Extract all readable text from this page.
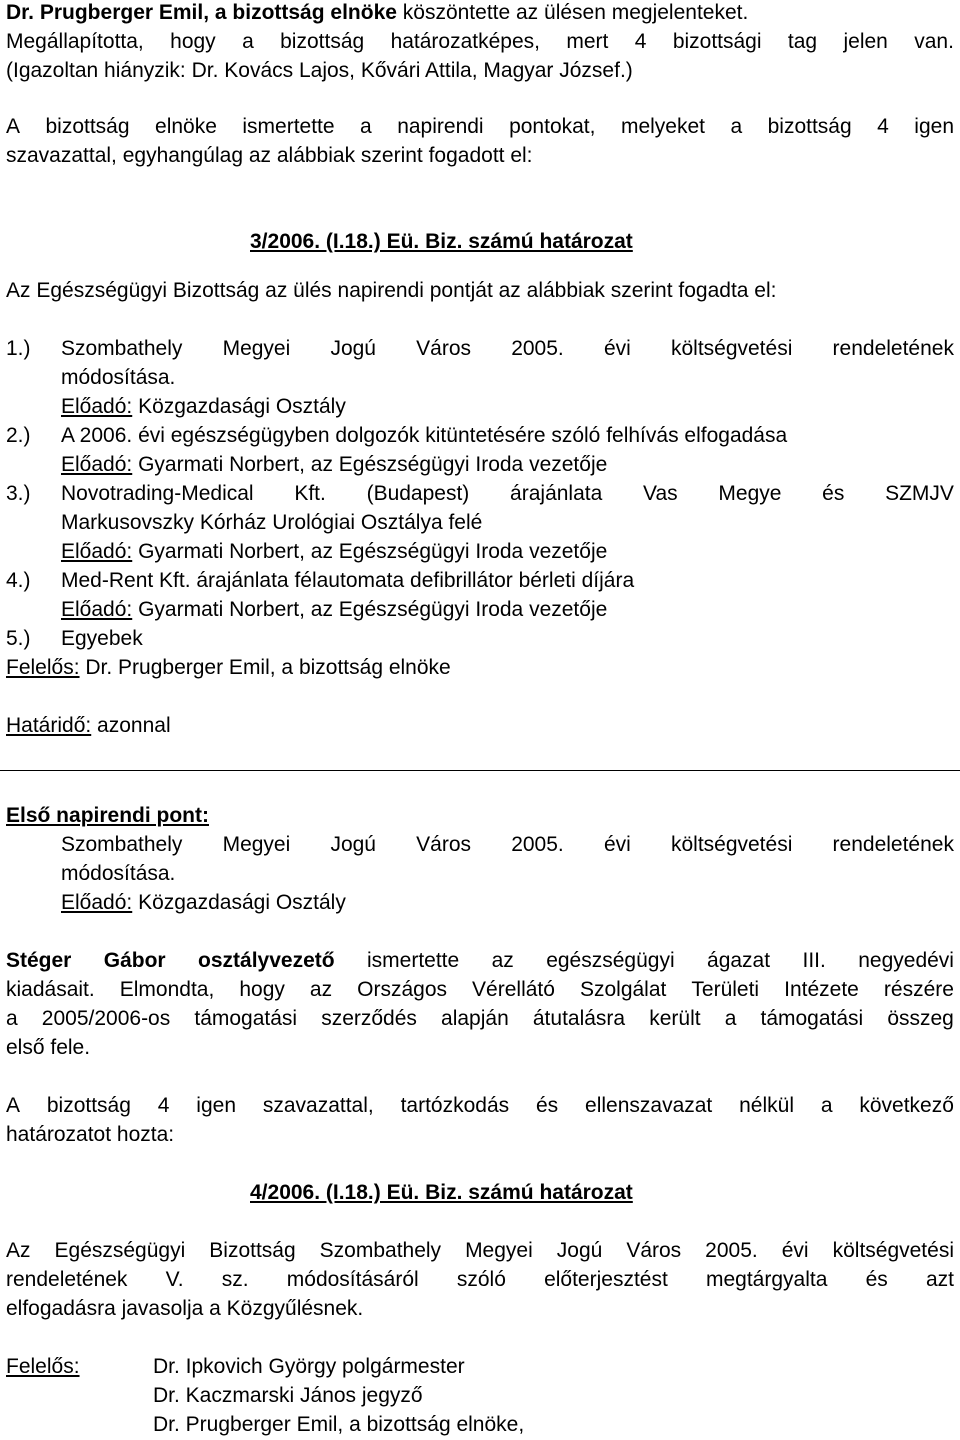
Dr. Prugberger Emil, a bizottság elnöke köszöntette az ülésen megjelenteket.
Megállapította, hogy a bizottság határozatképes, mert 4 bizottsági tag jelen van.
(Igazoltan hiányzik: Dr. Kovács Lajos, Kővári Attila, Magyar József.)
A bizottság elnöke ismertette a napirendi pontokat, melyeket a bizottság 4 igen
szavazattal, egyhangúlag az alábbiak szerint fogadott el:
3/2006. (I.18.) Eü. Biz. számú határozat
Az Egészségügyi Bizottság az ülés napirendi pontját az alábbiak szerint fogadta el:
1.) Szombathely Megyei Jogú Város 2005. évi költségvetési rendeletének
módosítása.
Előadó: Közgazdasági Osztály
2.) A 2006. évi egészségügyben dolgozók kitüntetésére szóló felhívás elfogadása
Előadó: Gyarmati Norbert, az Egészségügyi Iroda vezetője
3.) Novotrading-Medical Kft. (Budapest) árajánlata Vas Megye és SZMJV
Markusovszky Kórház Urológiai Osztálya felé
Előadó: Gyarmati Norbert, az Egészségügyi Iroda vezetője
4.) Med-Rent Kft. árajánlata félautomata defibrillátor bérleti díjára
Előadó: Gyarmati Norbert, az Egészségügyi Iroda vezetője
5.) Egyebek
Felelős: Dr. Prugberger Emil, a bizottság elnöke
Határidő: azonnal
Első napirendi pont:
Szombathely Megyei Jogú Város 2005. évi költségvetési rendeletének
módosítása.
Előadó: Közgazdasági Osztály
Stéger Gábor osztályvezető ismertette az egészségügyi ágazat III. negyedévi
kiadásait. Elmondta, hogy az Országos Vérellátó Szolgálat Területi Intézete részére
a 2005/2006-os támogatási szerződés alapján átutalásra került a támogatási összeg
első fele.
A bizottság 4 igen szavazattal, tartózkodás és ellenszavazat nélkül a következő
határozatot hozta:
4/2006. (I.18.) Eü. Biz. számú határozat
Az Egészségügyi Bizottság Szombathely Megyei Jogú Város 2005. évi költségvetési
rendeletének V. sz. módosításáról szóló előterjesztést megtárgyalta és azt
elfogadásra javasolja a Közgyűlésnek.
Felelős:	Dr. Ipkovich György polgármester
Dr. Kaczmarski János jegyző
Dr. Prugberger Emil, a bizottság elnöke,
